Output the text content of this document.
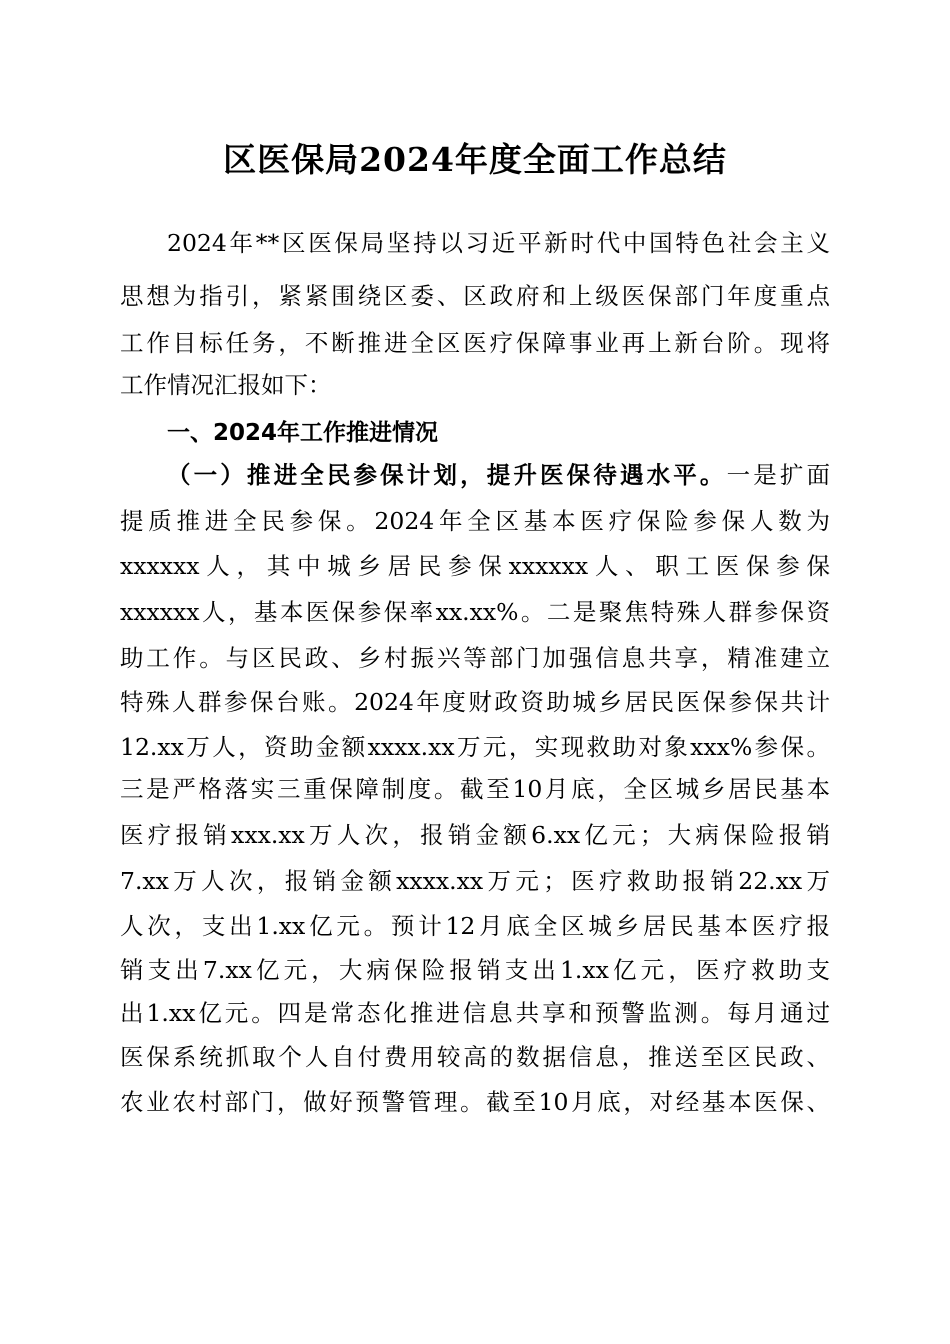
区医保局2024年度全面工作总结
2024年**区医保局坚持以习近平新时代中国特色社会主义
思想为指引，紧紧围绕区委、区政府和上级医保部门年度重点
工作目标任务，不断推进全区医疗保障事业再上新台阶。现将
工作情况汇报如下：
一、2024年工作推进情况
（一）推进全民参保计划，提升医保待遇水平。一是扩面
提质推进全民参保。2024年全区基本医疗保险参保人数为
xxxxxx人，其中城乡居民参保xxxxxx人、职工医保参保
xxxxxx人，基本医保参保率xx.xx%。二是聚焦特殊人群参保资
助工作。与区民政、乡村振兴等部门加强信息共享，精准建立
特殊人群参保台账。2024年度财政资助城乡居民医保参保共计
12.xx万人，资助金额xxxx.xx万元，实现救助对象xxx%参保。
三是严格落实三重保障制度。截至10月底，全区城乡居民基本
医疗报销xxx.xx万人次，报销金额6.xx亿元；大病保险报销
7.xx万人次，报销金额xxxx.xx万元；医疗救助报销22.xx万
人次，支出1.xx亿元。预计12月底全区城乡居民基本医疗报
销支出7.xx亿元，大病保险报销支出1.xx亿元，医疗救助支
出1.xx亿元。四是常态化推进信息共享和预警监测。每月通过
医保系统抓取个人自付费用较高的数据信息，推送至区民政、
农业农村部门，做好预警管理。截至10月底，对经基本医保、
